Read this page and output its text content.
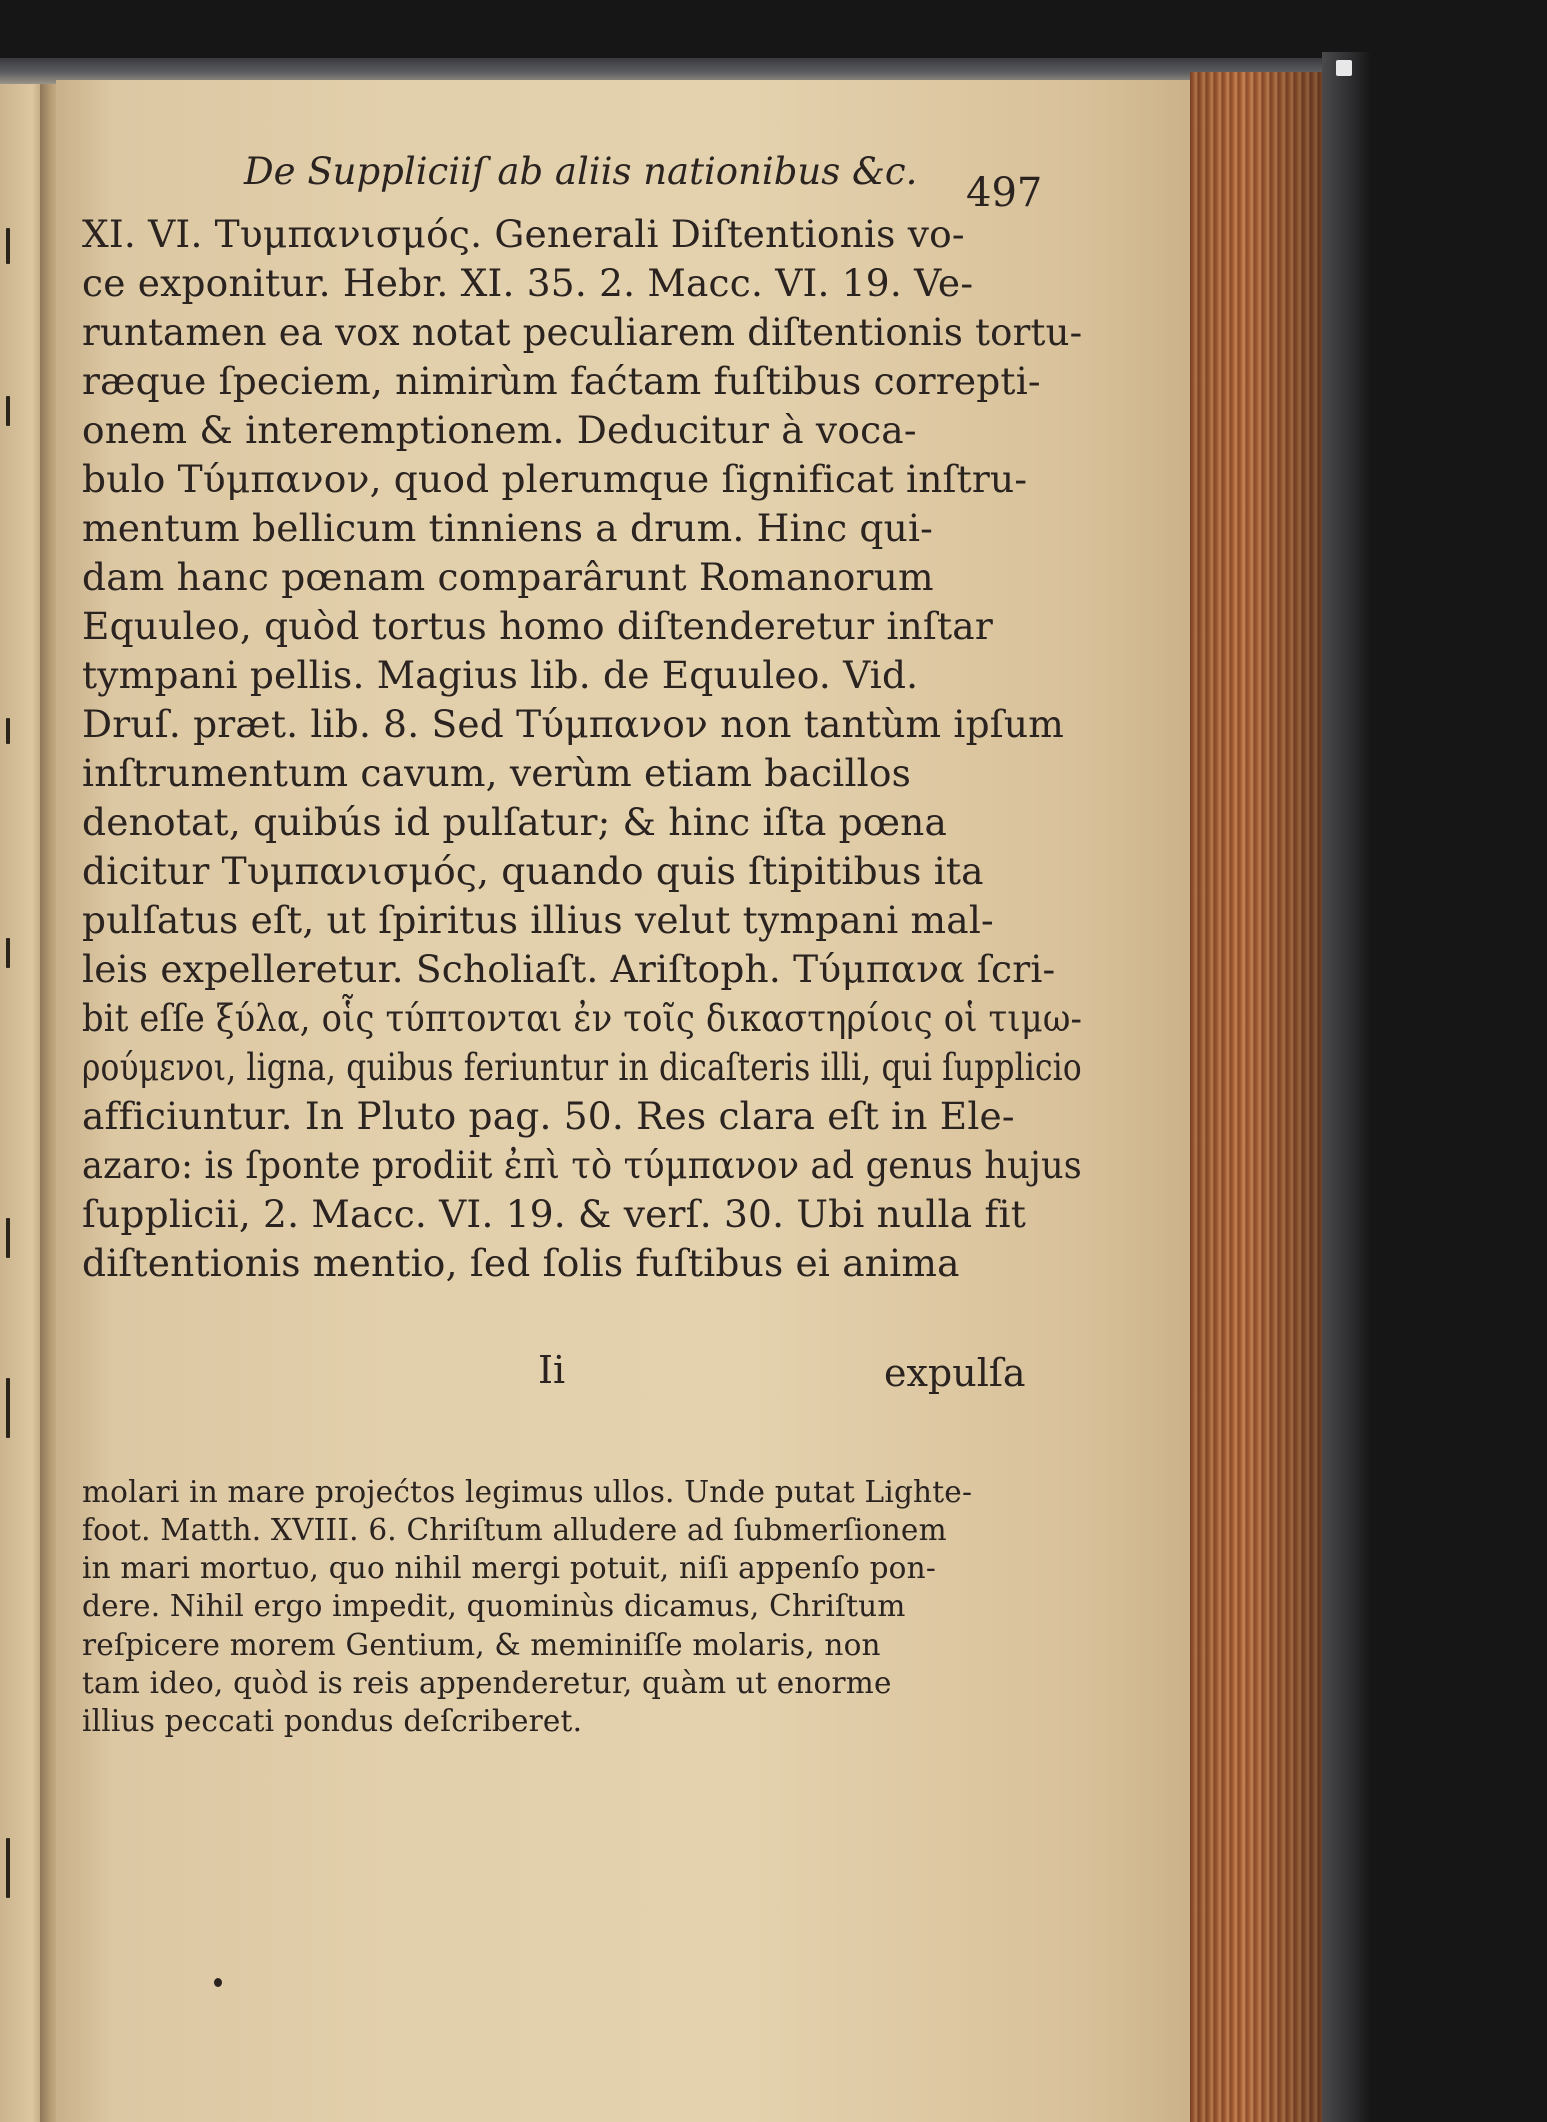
De Suppliciiſ ab aliis nationibus &c. 497
XI. VI. Τυμπανισμός. Generali Diſtentionis vo-
ce exponitur. Hebr. XI. 35. 2. Macc. VI. 19. Ve-
runtamen ea vox notat peculiarem diſtentionis tortu-
ræque ſpeciem, nimirùm faćtam fuſtibus correpti-
onem & interemptionem. Deducitur à voca-
bulo Τύμπανον, quod plerumque ſignificat inſtru-
mentum bellicum tinniens a drum. Hinc qui-
dam hanc pœnam comparârunt Romanorum
Equuleo, quòd tortus homo diſtenderetur inſtar
tympani pellis. Magius lib. de Equuleo. Vid.
Druſ. præt. lib. 8. Sed Τύμπανον non tantùm ipſum
inſtrumentum cavum, verùm etiam bacillos
denotat, quibús id pulſatur; & hinc iſta pœna
dicitur Τυμπανισμός, quando quis ſtipitibus ita
pulſatus eſt, ut ſpiritus illius velut tympani mal-
leis expelleretur. Scholiaſt. Ariſtoph. Τύμπανα ſcri-
bit eſſe ξύλα, οἷς τύπτονται ἐν τοῖς δικαστηρίοις οἱ τιμω-
ρούμενοι, ligna, quibus feriuntur in dicaſteris illi, qui ſupplicio
afficiuntur. In Pluto pag. 50. Res clara eſt in Ele-
azaro: is ſponte prodiit ἐπὶ τὸ τύμπανον ad genus hujus
ſupplicii, 2. Macc. VI. 19. & verſ. 30. Ubi nulla fit
diſtentionis mentio, ſed ſolis fuſtibus ei anima
Ii	expulſa
molari in mare projećtos legimus ullos. Unde putat Lighte-
foot. Matth. XVIII. 6. Chriſtum alludere ad ſubmerſionem
in mari mortuo, quo nihil mergi potuit, niſi appenſo pon-
dere. Nihil ergo impedit, quominùs dicamus, Chriſtum
reſpicere morem Gentium, & meminiſſe molaris, non
tam ideo, quòd is reis appenderetur, quàm ut enorme
illius peccati pondus deſcriberet.
